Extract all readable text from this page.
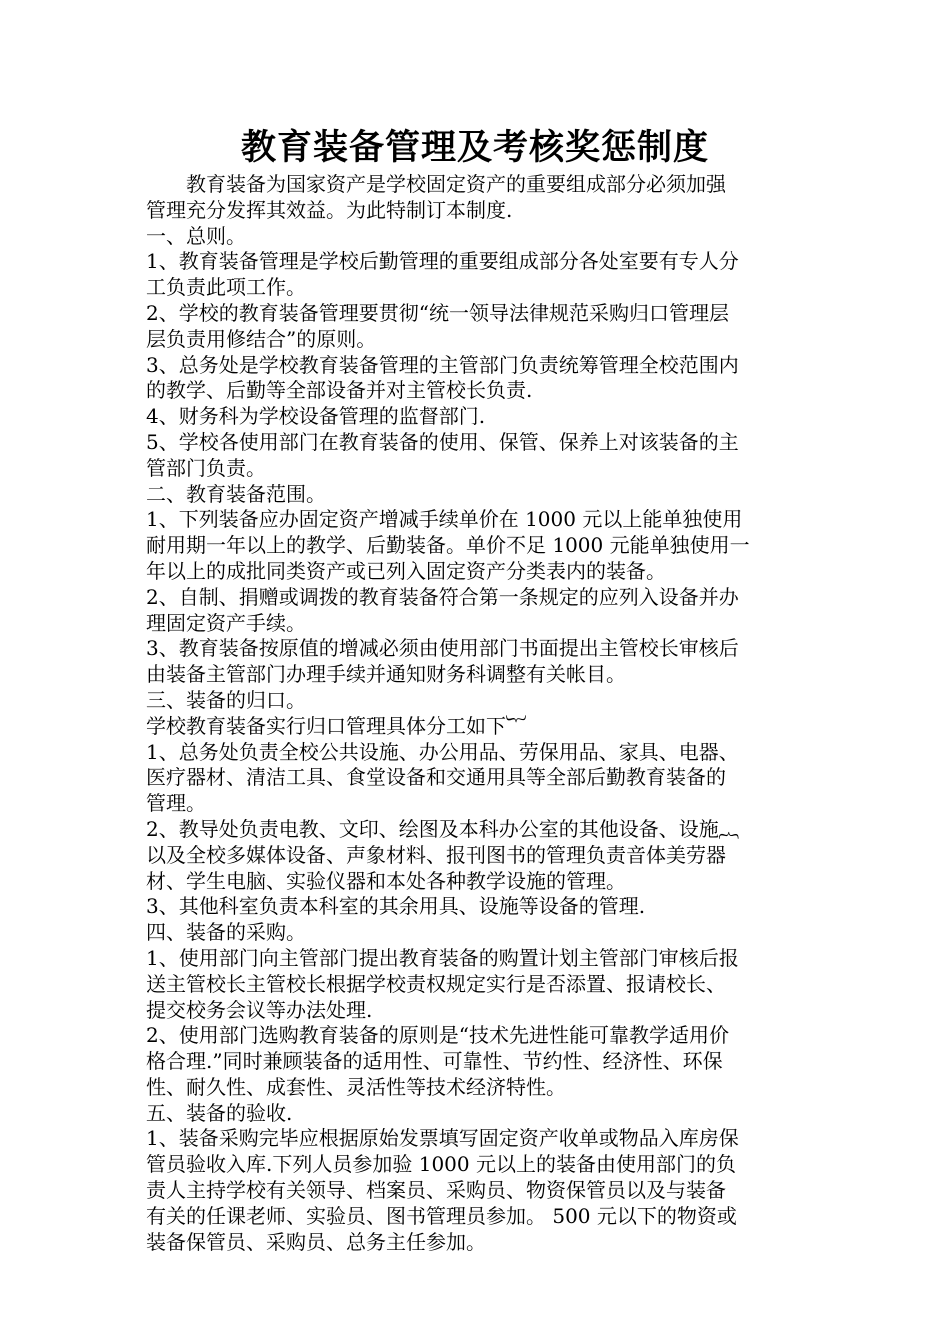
教育装备管理及考核奖惩制度
教育装备为国家资产是学校固定资产的重要组成部分必须加强
管理充分发挥其效益。为此特制订本制度.
一、总则。
1、教育装备管理是学校后勤管理的重要组成部分各处室要有专人分
工负责此项工作。
2、学校的教育装备管理要贯彻“统一领导法律规范采购归口管理层
层负责用修结合”的原则。
3、总务处是学校教育装备管理的主管部门负责统筹管理全校范围内
的教学、后勤等全部设备并对主管校长负责.
4、财务科为学校设备管理的监督部门.
5、学校各使用部门在教育装备的使用、保管、保养上对该装备的主
管部门负责。
二、教育装备范围。
1、下列装备应办固定资产增减手续单价在 1000 元以上能单独使用
耐用期一年以上的教学、后勤装备。单价不足 1000 元能单独使用一
年以上的成批同类资产或已列入固定资产分类表内的装备。
2、自制、捐赠或调拨的教育装备符合第一条规定的应列入设备并办
理固定资产手续。
3、教育装备按原值的增减必须由使用部门书面提出主管校长审核后
由装备主管部门办理手续并通知财务科调整有关帐目。
三、装备的归口。
学校教育装备实行归口管理具体分工如下︸
1、总务处负责全校公共设施、办公用品、劳保用品、家具、电器、
医疗器材、清洁工具、食堂设备和交通用具等全部后勤教育装备的
管理。
2、教导处负责电教、文印、绘图及本科办公室的其他设备、设施︷
以及全校多媒体设备、声象材料、报刊图书的管理负责音体美劳器
材、学生电脑、实验仪器和本处各种教学设施的管理。
3、其他科室负责本科室的其余用具、设施等设备的管理.
四、装备的采购。
1、使用部门向主管部门提出教育装备的购置计划主管部门审核后报
送主管校长主管校长根据学校责权规定实行是否添置、报请校长、
提交校务会议等办法处理.
2、使用部门选购教育装备的原则是“技术先进性能可靠教学适用价
格合理.”同时兼顾装备的适用性、可靠性、节约性、经济性、环保
性、耐久性、成套性、灵活性等技术经济特性。
五、装备的验收.
1、装备采购完毕应根据原始发票填写固定资产收单或物品入库房保
管员验收入库.下列人员参加验 1000 元以上的装备由使用部门的负
责人主持学校有关领导、档案员、采购员、物资保管员以及与装备
有关的任课老师、实验员、图书管理员参加。 500 元以下的物资或
装备保管员、采购员、总务主任参加。
